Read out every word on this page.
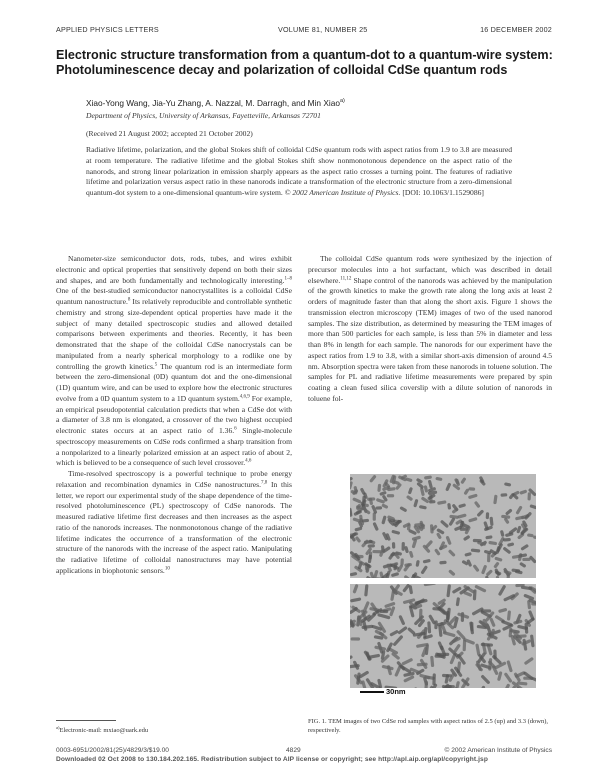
APPLIED PHYSICS LETTERS	VOLUME 81, NUMBER 25	16 DECEMBER 2002
Electronic structure transformation from a quantum-dot to a quantum-wire system: Photoluminescence decay and polarization of colloidal CdSe quantum rods
Xiao-Yong Wang, Jia-Yu Zhang, A. Nazzal, M. Darragh, and Min Xiao$^{a)}$
Department of Physics, University of Arkansas, Fayetteville, Arkansas 72701
(Received 21 August 2002; accepted 21 October 2002)
Radiative lifetime, polarization, and the global Stokes shift of colloidal CdSe quantum rods with aspect ratios from 1.9 to 3.8 are measured at room temperature. The radiative lifetime and the global Stokes shift show nonmonotonous dependence on the aspect ratio of the nanorods, and strong linear polarization in emission sharply appears as the aspect ratio crosses a turning point. The features of radiative lifetime and polarization versus aspect ratio in these nanorods indicate a transformation of the electronic structure from a zero-dimensional quantum-dot system to a one-dimensional quantum-wire system. © 2002 American Institute of Physics. [DOI: 10.1063/1.1529086]

Nanometer-size semiconductor dots, rods, tubes, and wires exhibit electronic and optical properties that sensitively depend on both their sizes and shapes, and are both fundamentally and technologically interesting.$^{1-8}$ One of the best-studied semiconductor nanocrystallites is a colloidal CdSe quantum nanostructure.$^8$ Its relatively reproducible and controllable synthetic chemistry and strong size-dependent optical properties have made it the subject of many detailed spectroscopic studies and allowed detailed comparisons between experiments and theories. Recently, it has been demonstrated that the shape of the colloidal CdSe nanocrystals can be manipulated from a nearly spherical morphology to a rodlike one by controlling the growth kinetics.$^5$ The quantum rod is an intermediate form between the zero-dimensional (0D) quantum dot and the one-dimensional (1D) quantum wire, and can be used to explore how the electronic structures evolve from a 0D quantum system to a 1D quantum system.$^{4,6,9}$ For example, an empirical pseudopotential calculation predicts that when a CdSe dot with a diameter of 3.8 nm is elongated, a crossover of the two highest occupied electronic states occurs at an aspect ratio of 1.36.$^6$ Single-molecule spectroscopy measurements on CdSe rods confirmed a sharp transition from a nonpolarized to a linearly polarized emission at an aspect ratio of about 2, which is believed to be a consequence of such level crossover.$^{4,6}$

Time-resolved spectroscopy is a powerful technique to probe energy relaxation and recombination dynamics in CdSe nanostructures.$^{7,8}$ In this letter, we report our experimental study of the shape dependence of the time-resolved photoluminescence (PL) spectroscopy of CdSe nanorods. The measured radiative lifetime first decreases and then increases as the aspect ratio of the nanorods increases. The nonmonotonous change of the radiative lifetime indicates the occurrence of a transformation of the electronic structure of the nanorods with the increase of the aspect ratio. Manipulating the radiative lifetime of colloidal nanostructures may have potential applications in biophotonic sensors.$^{10}$

The colloidal CdSe quantum rods were synthesized by the injection of precursor molecules into a hot surfactant, which was described in detail elsewhere.$^{11,12}$ Shape control of the nanorods was achieved by the manipulation of the growth kinetics to make the growth rate along the long axis at least 2 orders of magnitude faster than that along the short axis. Figure 1 shows the transmission electron microscopy (TEM) images of two of the used nanorod samples. The size distribution, as determined by measuring the TEM images of more than 500 particles for each sample, is less than 5% in diameter and less than 8% in length for each sample. The nanorods for our experiment have the aspect ratios from 1.9 to 3.8, with a similar short-axis dimension of around 4.5 nm. Absorption spectra were taken from these nanorods in toluene solution. The samples for PL and radiative lifetime measurements were prepared by spin coating a clean fused silica coverslip with a dilute solution of nanorods in toluene fol-

30nm
FIG. 1. TEM images of two CdSe rod samples with aspect ratios of 2.5 (up) and 3.3 (down), respectively.
$^{a)}$Electronic-mail: mxiao@uark.edu
0003-6951/2002/81(25)/4829/3/$19.00	4829	© 2002 American Institute of Physics
Downloaded 02 Oct 2008 to 130.184.202.165. Redistribution subject to AIP license or copyright; see http://apl.aip.org/apl/copyright.jsp
